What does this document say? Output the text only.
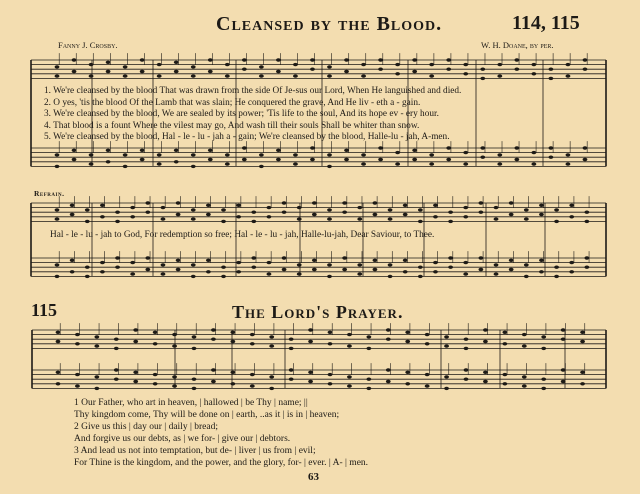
Cleansed by the Blood.	114, 115
Fanny J. Crosby.	W. H. Doane, by per.
1. We're cleansed by the blood That was drawn from the side Of Je-sus our Lord, When He languished and died.
2. O yes, 'tis the blood Of the Lamb that was slain; He conquered the grave, And He liv - eth a - gain.
3. We're cleansed by the blood, We are sealed by its power; 'Tis life to the soul, And its hope ev - ery hour.
4. That blood is a fount Where the vilest may go, And wash till their souls Shall be whiter than snow.
5. We're cleansed by the blood, Hal - le - lu - jah a - gain; We're cleansed by the blood, Halle-lu - jah, A-men.
Refrain.
Hal - le - lu - jah to God, For redemption so free; Hal - le - lu - jah, Halle-lu-jah, Dear Saviour, to Thee.
115	The Lord's Prayer.
1 Our Father, who art in heaven, | hallowed | be Thy | name; ||
Thy kingdom come, Thy will be done on | earth, ..as it | is in | heaven;
2 Give us this | day our | daily | bread;
And forgive us our debts, as | we for- | give our | debtors.
3 And lead us not into temptation, but de- | liver | us from | evil;
For Thine is the kingdom, and the power, and the glory, for- | ever. | A- | men.
63
